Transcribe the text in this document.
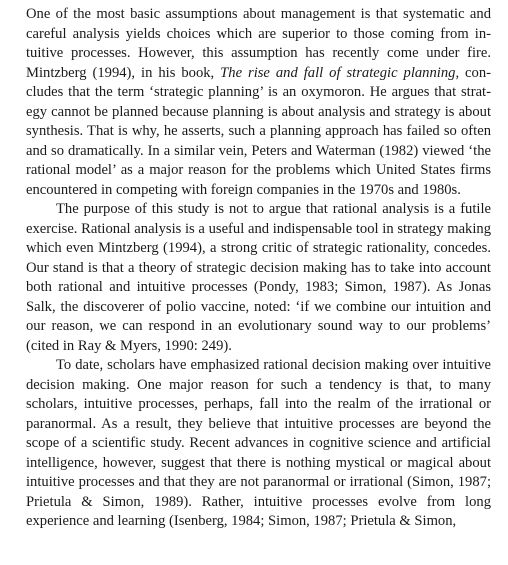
One of the most basic assumptions about management is that systematic and careful analysis yields choices which are superior to those coming from intuitive processes. However, this assumption has recently come under fire. Mintzberg (1994), in his book, The rise and fall of strategic planning, concludes that the term ‘strategic planning’ is an oxymoron. He argues that strategy cannot be planned because planning is about analysis and strategy is about synthesis. That is why, he asserts, such a planning approach has failed so often and so dramatically. In a similar vein, Peters and Waterman (1982) viewed ‘the rational model’ as a major reason for the problems which United States firms encountered in competing with foreign companies in the 1970s and 1980s.

The purpose of this study is not to argue that rational analysis is a futile exercise. Rational analysis is a useful and indispensable tool in strategy making which even Mintzberg (1994), a strong critic of strategic rationality, concedes. Our stand is that a theory of strategic decision making has to take into account both rational and intuitive processes (Pondy, 1983; Simon, 1987). As Jonas Salk, the discoverer of polio vaccine, noted: ‘if we combine our intuition and our reason, we can respond in an evolutionary sound way to our problems’ (cited in Ray & Myers, 1990: 249).

To date, scholars have emphasized rational decision making over intuitive decision making. One major reason for such a tendency is that, to many scholars, intuitive processes, perhaps, fall into the realm of the irrational or paranormal. As a result, they believe that intuitive processes are beyond the scope of a scientific study. Recent advances in cognitive science and artificial intelligence, however, suggest that there is nothing mystical or magical about intuitive processes and that they are not paranormal or irrational (Simon, 1987; Prietula & Simon, 1989). Rather, intuitive processes evolve from long experience and learning (Isenberg, 1984; Simon, 1987; Prietula & Simon,
